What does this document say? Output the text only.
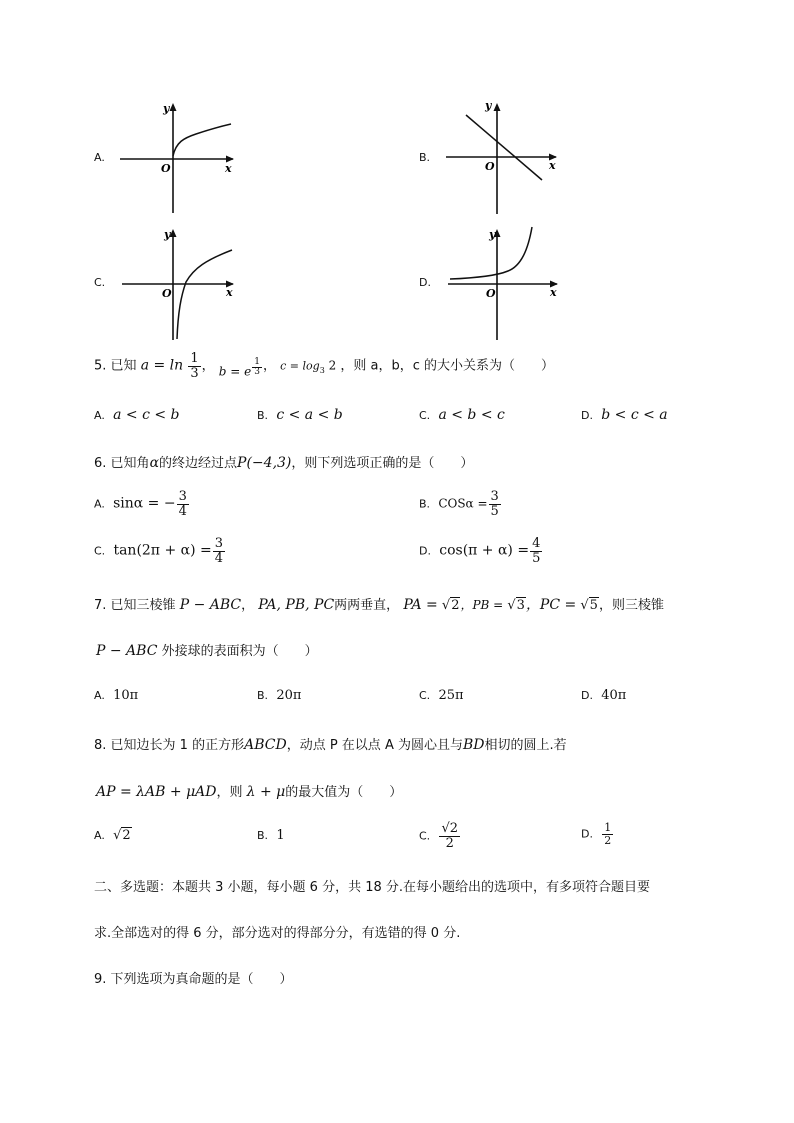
A.
y
O	x
B.
y
O	x
C.
y
O	x
D.
y
O	x
5. 已知 $a = \ln \frac{1}{3}$ ， b = e $\frac{1}{3}$ ， $c = \log_3 2$ ，则 a，b，c 的大小关系为（　　）
A. a < c < b	B. c < a < b	C. a < b < c	D. b < c < a
6. 已知角α的终边经过点P(−4,3)，则下列选项正确的是（　　）
A. sinα = − $\frac{3}{4}$	B. $COS\alpha = \frac{3}{5}$
C. $\tan(2\pi + \alpha) = \frac{3}{4}$	D. $\cos(\pi + \alpha) = \frac{4}{5}$
7. 已知三棱锥 P − ABC， PA, PB, PC两两垂直， PA = √2，PB = √3，PC = √5，则三棱锥
P − ABC 外接球的表面积为（　　）
A. 10π	B. 20π	C. 25π	D. 40π
8. 已知边长为 1 的正方形ABCD，动点 P 在以点 A 为圆心且与BD相切的圆上.若
AP = λAB + μAD，则 λ + μ的最大值为（　　）
A.  √2	B. 1	C. $\frac{√2}{2}$	D. $\frac{1}{2}$
二、多选题：本题共 3 小题，每小题 6 分，共 18 分.在每小题给出的选项中，有多项符合题目要
求.全部选对的得 6 分，部分选对的得部分分，有选错的得 0 分.
9. 下列选项为真命题的是（　　）
